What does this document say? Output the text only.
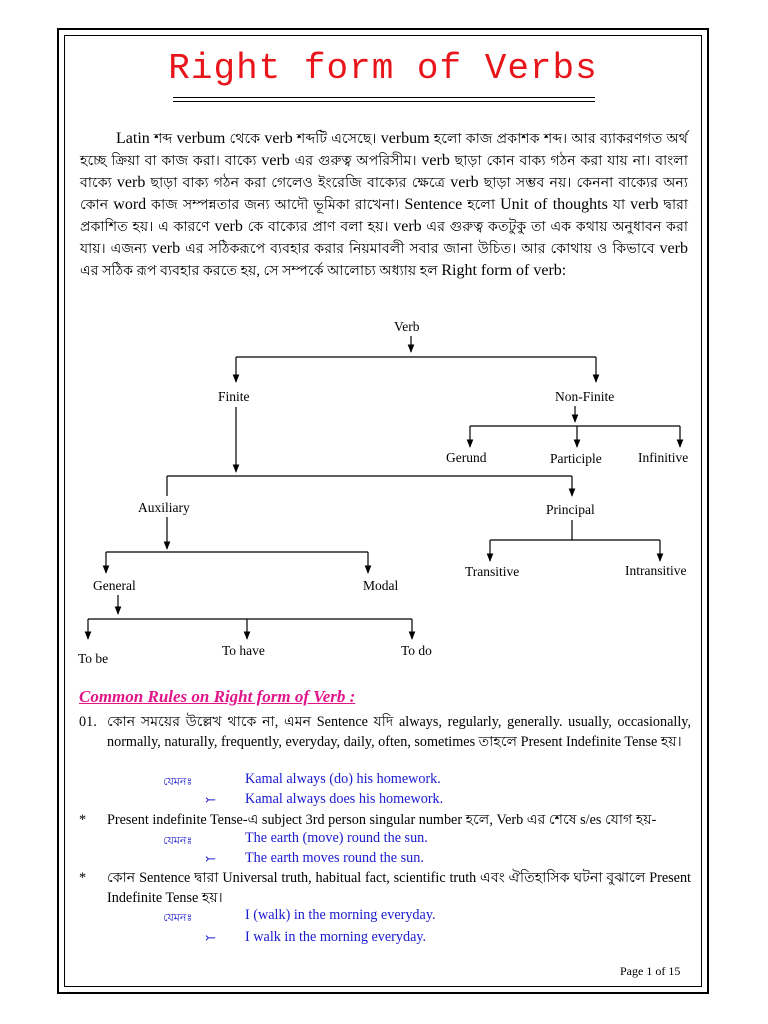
Right form of Verbs

Latin শব্দ verbum থেকে verb শব্দটি এসেছে। verbum হলো কাজ প্রকাশক শব্দ। আর ব্যাকরণগত অর্থ হচ্ছে ক্রিয়া বা কাজ করা। বাক্যে verb এর গুরুত্ব অপরিসীম। verb ছাড়া কোন বাক্য গঠন করা যায় না। বাংলা বাক্যে verb ছাড়া বাক্য গঠন করা গেলেও ইংরেজি বাক্যের ক্ষেত্রে verb ছাড়া সম্ভব নয়। কেননা বাক্যের অন্য কোন word কাজ সম্পন্নতার জন্য আদৌ ভূমিকা রাখেনা। Sentence হলো Unit of thoughts যা verb দ্বারা প্রকাশিত হয়। এ কারণে verb কে বাক্যের প্রাণ বলা হয়। verb এর গুরুত্ব কতটুকু তা এক কথায় অনুধাবন করা যায়। এজন্য verb এর সঠিকরূপে ব্যবহার করার নিয়মাবলী সবার জানা উচিত। আর কোথায় ও কিভাবে verb এর সঠিক রূপ ব্যবহার করতে হয়, সে সম্পর্কে আলোচ্য অধ্যায় হল Right form of verb:

Verb
Finite	Non-Finite
Gerund	Participle	Infinitive
Auxiliary	Principal
General	Modal
Transitive	Intransitive
To be
To have	To do
Common Rules on Right form of Verb :
01. কোন সময়ের উল্লেখ থাকে না, এমন Sentence যদি always, regularly, generally. usually, occasionally, normally, naturally, frequently, everyday, daily, often, sometimes তাহলে Present Indefinite Tense হয়।
যেমনঃ	Kamal always (do) his homework.
⤚ Kamal always does his homework.
* Present indefinite Tense-এ subject 3rd person singular number হলে, Verb এর শেষে s/es যোগ হয়-
যেমনঃ	The earth (move) round the sun.
⤚ The earth moves round the sun.
* কোন Sentence দ্বারা Universal truth, habitual fact, scientific truth এবং ঐতিহাসিক ঘটনা বুঝালে Present Indefinite Tense হয়।
যেমনঃ	I (walk) in the morning everyday.
⤚ I walk in the morning everyday.
Page 1 of 15
